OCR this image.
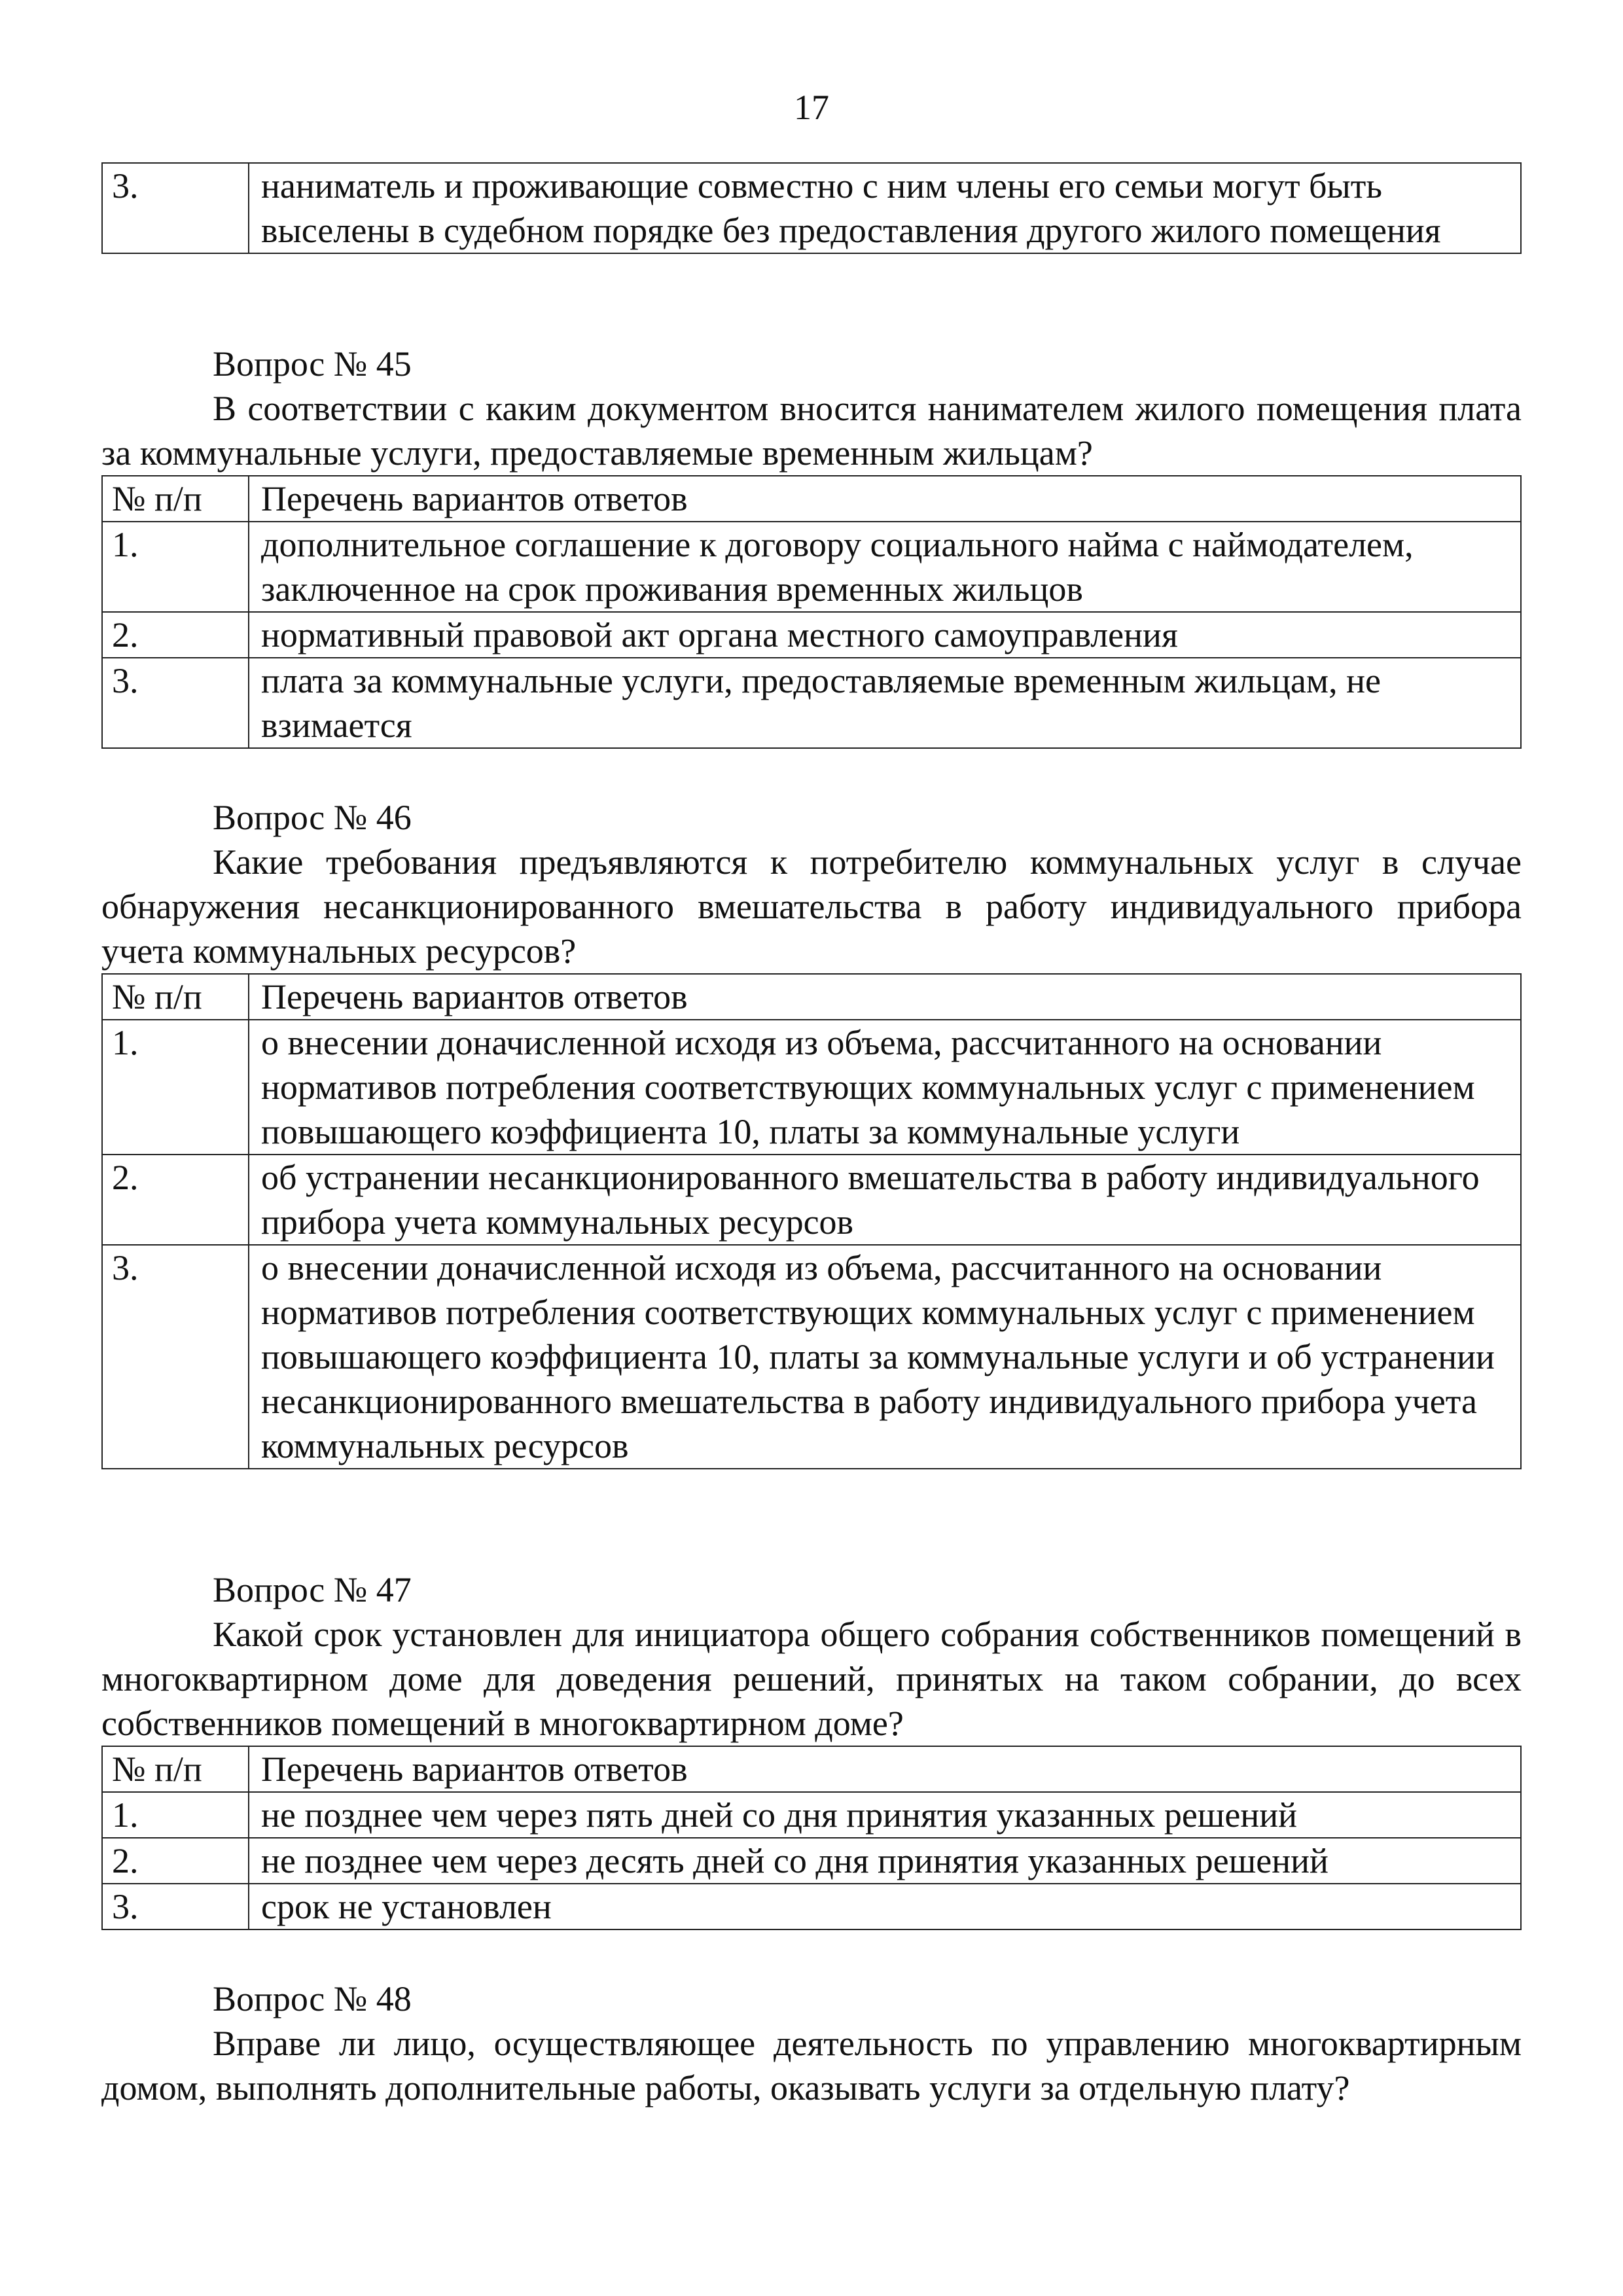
17
3.	наниматель и проживающие совместно с ним члены его семьи могут быть выселены в судебном порядке без предоставления другого жилого помещения
Вопрос № 45
В соответствии с каким документом вносится нанимателем жилого помещения плата за коммунальные услуги, предоставляемые временным жильцам?
№ п/п	Перечень вариантов ответов
1.	дополнительное соглашение к договору социального найма с наймодателем, заключенное на срок проживания временных жильцов
2.	нормативный правовой акт органа местного самоуправления
3.	плата за коммунальные услуги, предоставляемые временным жильцам, не взимается
Вопрос № 46
Какие требования предъявляются к потребителю коммунальных услуг в случае обнаружения несанкционированного вмешательства в работу индивидуального прибора учета коммунальных ресурсов?
№ п/п	Перечень вариантов ответов
1.	о внесении доначисленной исходя из объема, рассчитанного на основании нормативов потребления соответствующих коммунальных услуг с применением повышающего коэффициента 10, платы за коммунальные услуги
2.	об устранении несанкционированного вмешательства в работу индивидуального прибора учета коммунальных ресурсов
3.	о внесении доначисленной исходя из объема, рассчитанного на основании нормативов потребления соответствующих коммунальных услуг с применением повышающего коэффициента 10, платы за коммунальные услуги и об устранении несанкционированного вмешательства в работу индивидуального прибора учета коммунальных ресурсов
Вопрос № 47
Какой срок установлен для инициатора общего собрания собственников помещений в многоквартирном доме для доведения решений, принятых на таком собрании, до всех собственников помещений в многоквартирном доме?
№ п/п	Перечень вариантов ответов
1.	не позднее чем через пять дней со дня принятия указанных решений
2.	не позднее чем через десять дней со дня принятия указанных решений
3.	срок не установлен
Вопрос № 48
Вправе ли лицо, осуществляющее деятельность по управлению многоквартирным домом, выполнять дополнительные работы, оказывать услуги за отдельную плату?
